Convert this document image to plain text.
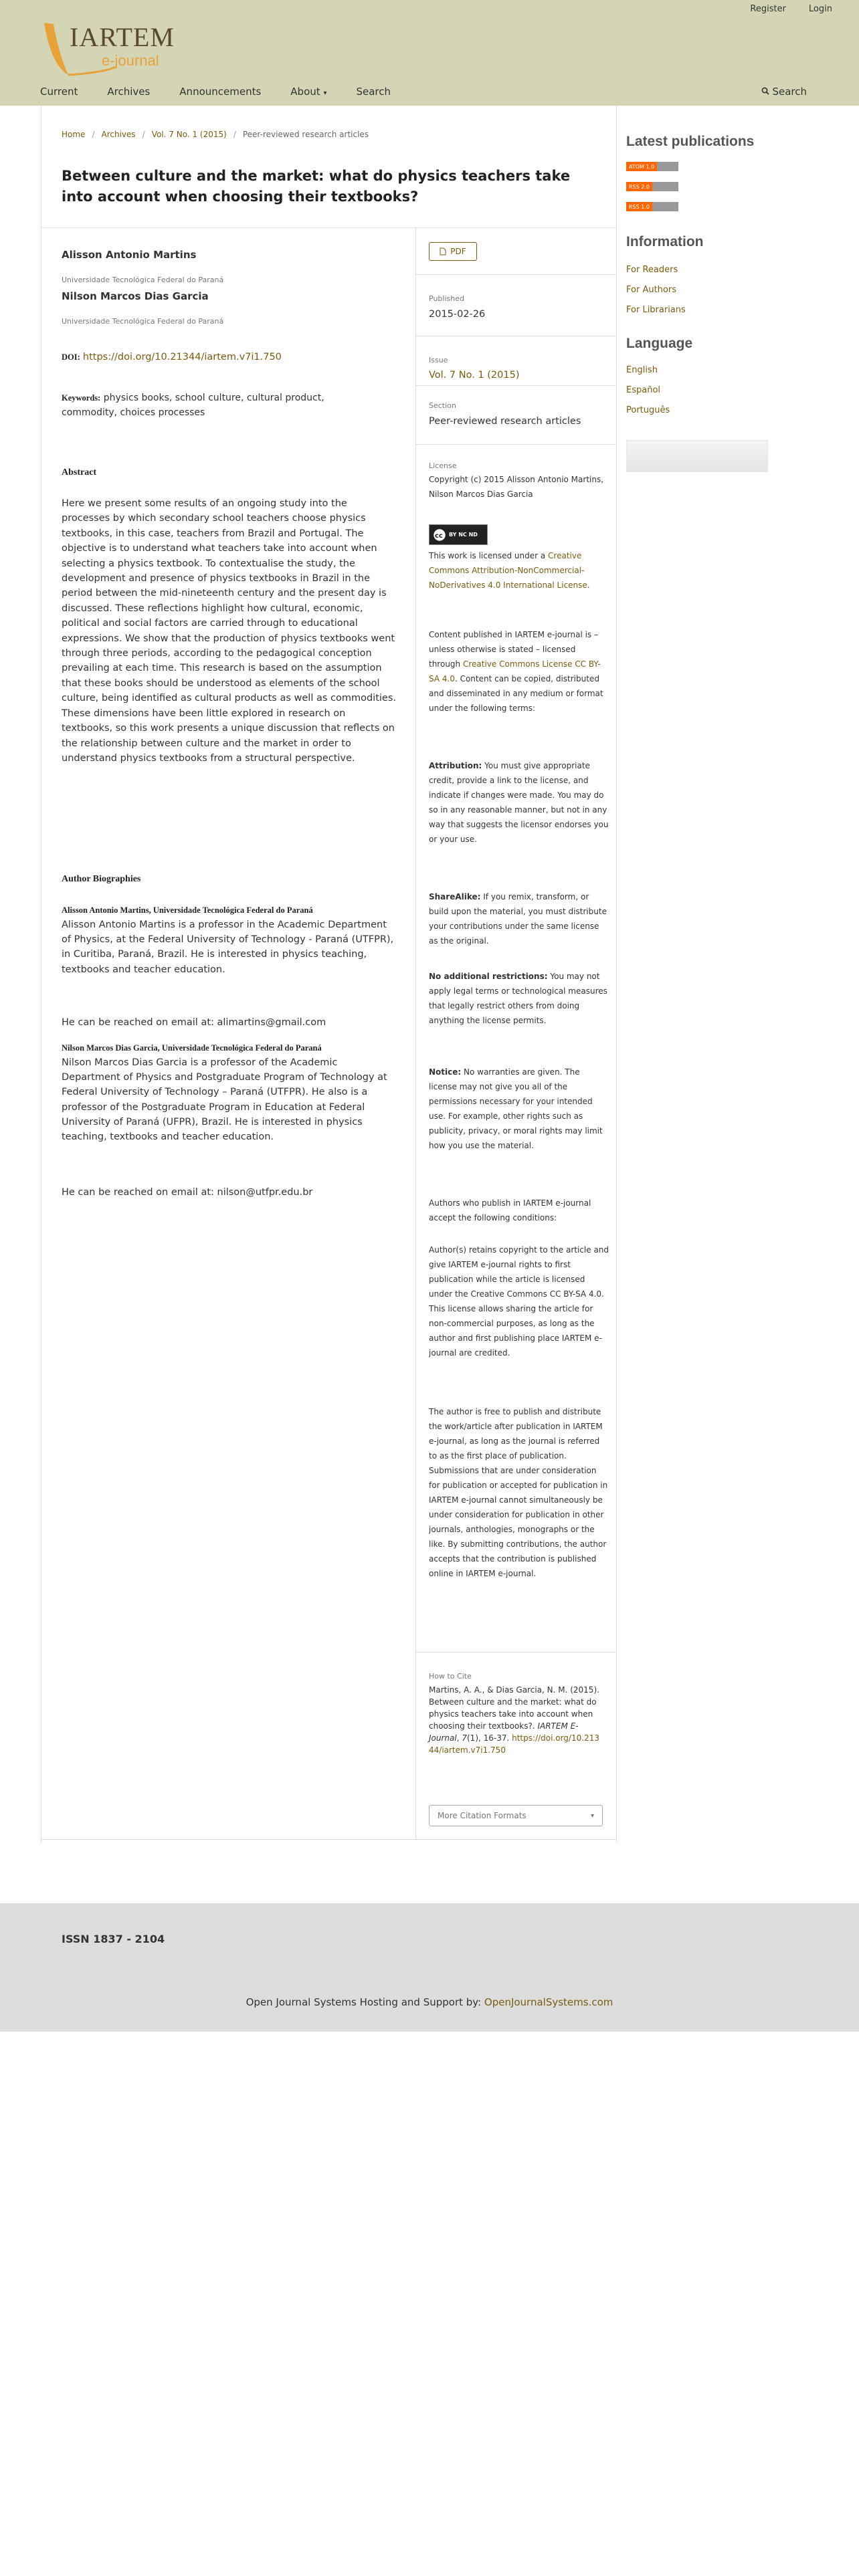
Register	Login
IARTEM
e-journal
Current	Archives	Announcements	About ▾	Search	Search
Home / Archives / Vol. 7 No. 1 (2015) / Peer-reviewed research articles
Between culture and the market: what do physics teachers take into account when choosing their textbooks?
Alisson Antonio Martins
Universidade Tecnológica Federal do Paraná
Nilson Marcos Dias Garcia
Universidade Tecnológica Federal do Paraná
DOI: https://doi.org/10.21344/iartem.v7i1.750
Keywords: physics books, school culture, cultural product, commodity, choices processes
Abstract

Here we present some results of an ongoing study into the processes by which secondary school teachers choose physics textbooks, in this case, teachers from Brazil and Portugal. The objective is to understand what teachers take into account when selecting a physics textbook. To contextualise the study, the development and presence of physics textbooks in Brazil in the period between the mid-nineteenth century and the present day is discussed. These reflections highlight how cultural, economic, political and social factors are carried through to educational expressions. We show that the production of physics textbooks went through three periods, according to the pedagogical conception prevailing at each time. This research is based on the assumption that these books should be understood as elements of the school culture, being identified as cultural products as well as commodities. These dimensions have been little explored in research on textbooks, so this work presents a unique discussion that reflects on the relationship between culture and the market in order to understand physics textbooks from a structural perspective.

Author Biographies
Alisson Antonio Martins, Universidade Tecnológica Federal do Paraná

Alisson Antonio Martins is a professor in the Academic Department of Physics, at the Federal University of Technology - Paraná (UTFPR), in Curitiba, Paraná, Brazil. He is interested in physics teaching, textbooks and teacher education.

He can be reached on email at: alimartins@gmail.com

Nilson Marcos Dias Garcia, Universidade Tecnológica Federal do Paraná

Nilson Marcos Dias Garcia is a professor of the Academic Department of Physics and Postgraduate Program of Technology at Federal University of Technology – Paraná (UTFPR). He also is a professor of the Postgraduate Program in Education at Federal University of Paraná (UFPR), Brazil. He is interested in physics teaching, textbooks and teacher education.

He can be reached on email at: nilson@utfpr.edu.br

PDF
Published
2015-02-26
Issue
Vol. 7 No. 1 (2015)
Section
Peer-reviewed research articles
License
Copyright (c) 2015 Alisson Antonio Martins, Nilson Marcos Dias Garcia
cc BY NC ND
This work is licensed under a Creative Commons Attribution-NonCommercial-NoDerivatives 4.0 International License.
Content published in IARTEM e-journal is – unless otherwise is stated – licensed through Creative Commons License CC BY-SA 4.0. Content can be copied, distributed and disseminated in any medium or format under the following terms:
Attribution: You must give appropriate credit, provide a link to the license, and indicate if changes were made. You may do so in any reasonable manner, but not in any way that suggests the licensor endorses you or your use.
ShareAlike: If you remix, transform, or build upon the material, you must distribute your contributions under the same license as the original.
No additional restrictions: You may not apply legal terms or technological measures that legally restrict others from doing anything the license permits.
Notice: No warranties are given. The license may not give you all of the permissions necessary for your intended use. For example, other rights such as publicity, privacy, or moral rights may limit how you use the material.
Authors who publish in IARTEM e-journal accept the following conditions:
Author(s) retains copyright to the article and give IARTEM e-journal rights to first publication while the article is licensed under the Creative Commons CC BY-SA 4.0. This license allows sharing the article for non-commercial purposes, as long as the author and first publishing place IARTEM e-journal are credited.
The author is free to publish and distribute the work/article after publication in IARTEM e-journal, as long as the journal is referred to as the first place of publication. Submissions that are under consideration for publication or accepted for publication in IARTEM e-journal cannot simultaneously be under consideration for publication in other journals, anthologies, monographs or the like. By submitting contributions, the author accepts that the contribution is published online in IARTEM e-journal.
How to Cite
Martins, A. A., & Dias Garcia, N. M. (2015). Between culture and the market: what do physics teachers take into account when choosing their textbooks?. IARTEM E-Journal, 7(1), 16-37. https://doi.org/10.21344/iartem.v7i1.750
More Citation Formats	▾
Latest publications
ATOM 1.0
RSS 2.0
RSS 1.0
Information
For Readers
For Authors
For Librarians
Language
English
Español
Português
ISSN 1837 - 2104
Open Journal Systems Hosting and Support by: OpenJournalSystems.com
